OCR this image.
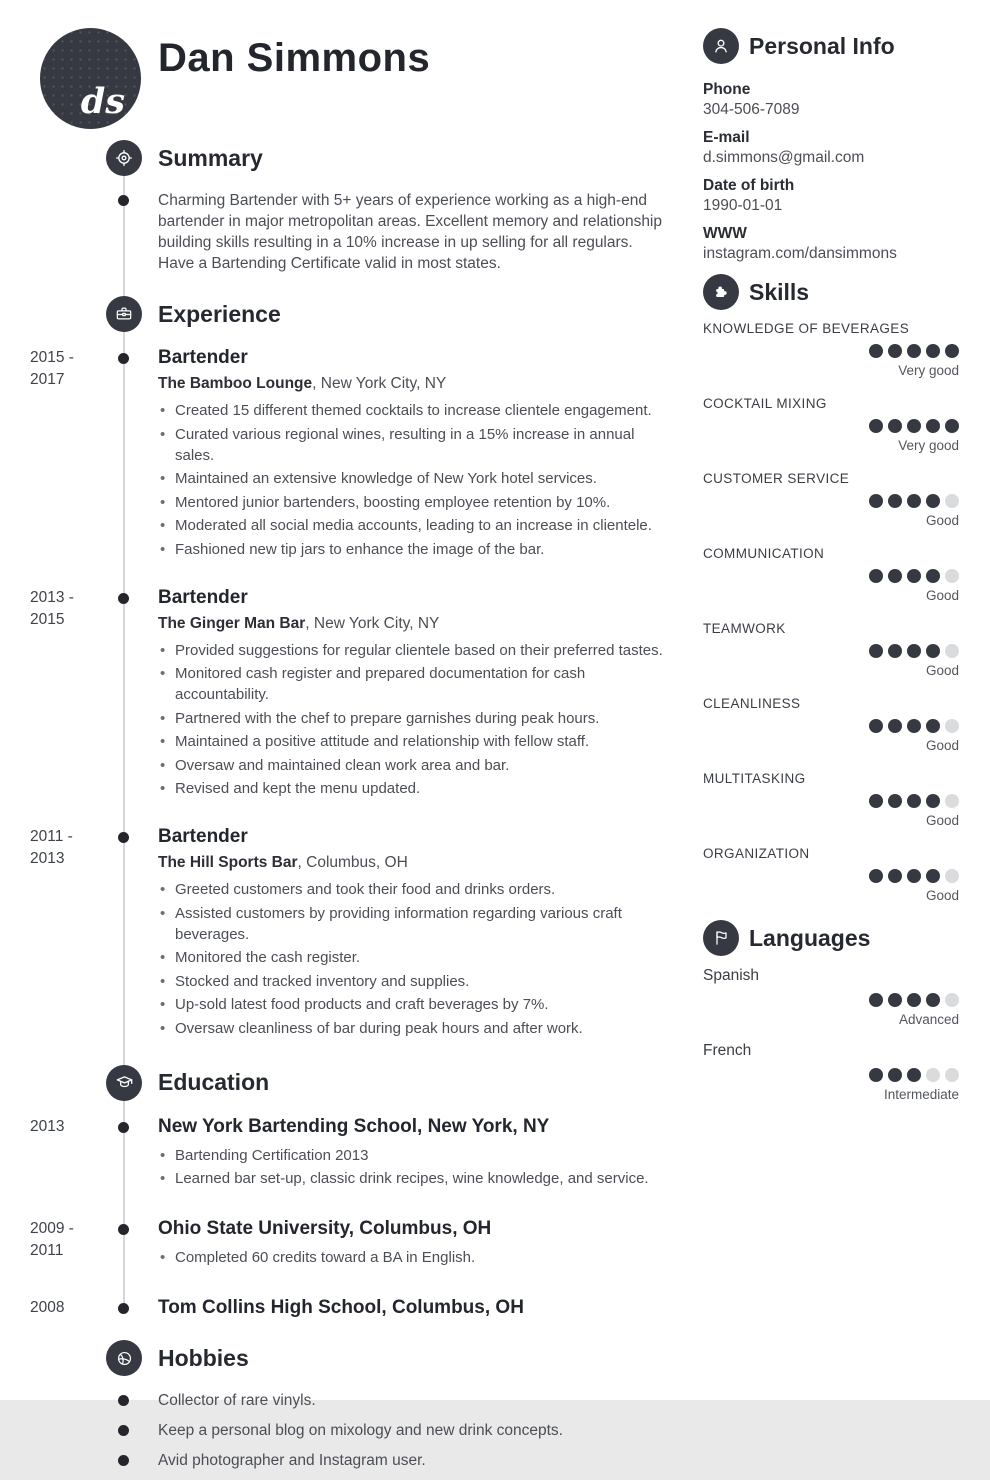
ds
Dan Simmons
Summary

Charming Bartender with 5+ years of experience working as a high-end bartender in major metropolitan areas. Excellent memory and relationship building skills resulting in a 10% increase in up selling for all regulars. Have a Bartending Certificate valid in most states.

Experience
2015 -
2017
Bartender

The Bamboo Lounge, New York City, NY

• Created 15 different themed cocktails to increase clientele engagement.
• Curated various regional wines, resulting in a 15% increase in annual sales.
• Maintained an extensive knowledge of New York hotel services.
• Mentored junior bartenders, boosting employee retention by 10%.
• Moderated all social media accounts, leading to an increase in clientele.
• Fashioned new tip jars to enhance the image of the bar.
2013 -
2015
Bartender

The Ginger Man Bar, New York City, NY

• Provided suggestions for regular clientele based on their preferred tastes.
• Monitored cash register and prepared documentation for cash accountability.
• Partnered with the chef to prepare garnishes during peak hours.
• Maintained a positive attitude and relationship with fellow staff.
• Oversaw and maintained clean work area and bar.
• Revised and kept the menu updated.
2011 -
2013
Bartender

The Hill Sports Bar, Columbus, OH

• Greeted customers and took their food and drinks orders.
• Assisted customers by providing information regarding various craft beverages.
• Monitored the cash register.
• Stocked and tracked inventory and supplies.
• Up-sold latest food products and craft beverages by 7%.
• Oversaw cleanliness of bar during peak hours and after work.
Education
2013	New York Bartending School, New York, NY
• Bartending Certification 2013
• Learned bar set-up, classic drink recipes, wine knowledge, and service.
2009 -
2011
Ohio State University, Columbus, OH
• Completed 60 credits toward a BA in English.
2008	Tom Collins High School, Columbus, OH
Hobbies

Collector of rare vinyls.

Keep a personal blog on mixology and new drink concepts.

Avid photographer and Instagram user.

Personal Info
Phone
304-506-7089
E-mail
d.simmons@gmail.com
Date of birth
1990-01-01
WWW
instagram.com/dansimmons
Skills
KNOWLEDGE OF BEVERAGES
Very good
COCKTAIL MIXING
Very good
CUSTOMER SERVICE
Good
COMMUNICATION
Good
TEAMWORK
Good
CLEANLINESS
Good
MULTITASKING
Good
ORGANIZATION
Good
Languages
Spanish
Advanced
French
Intermediate
